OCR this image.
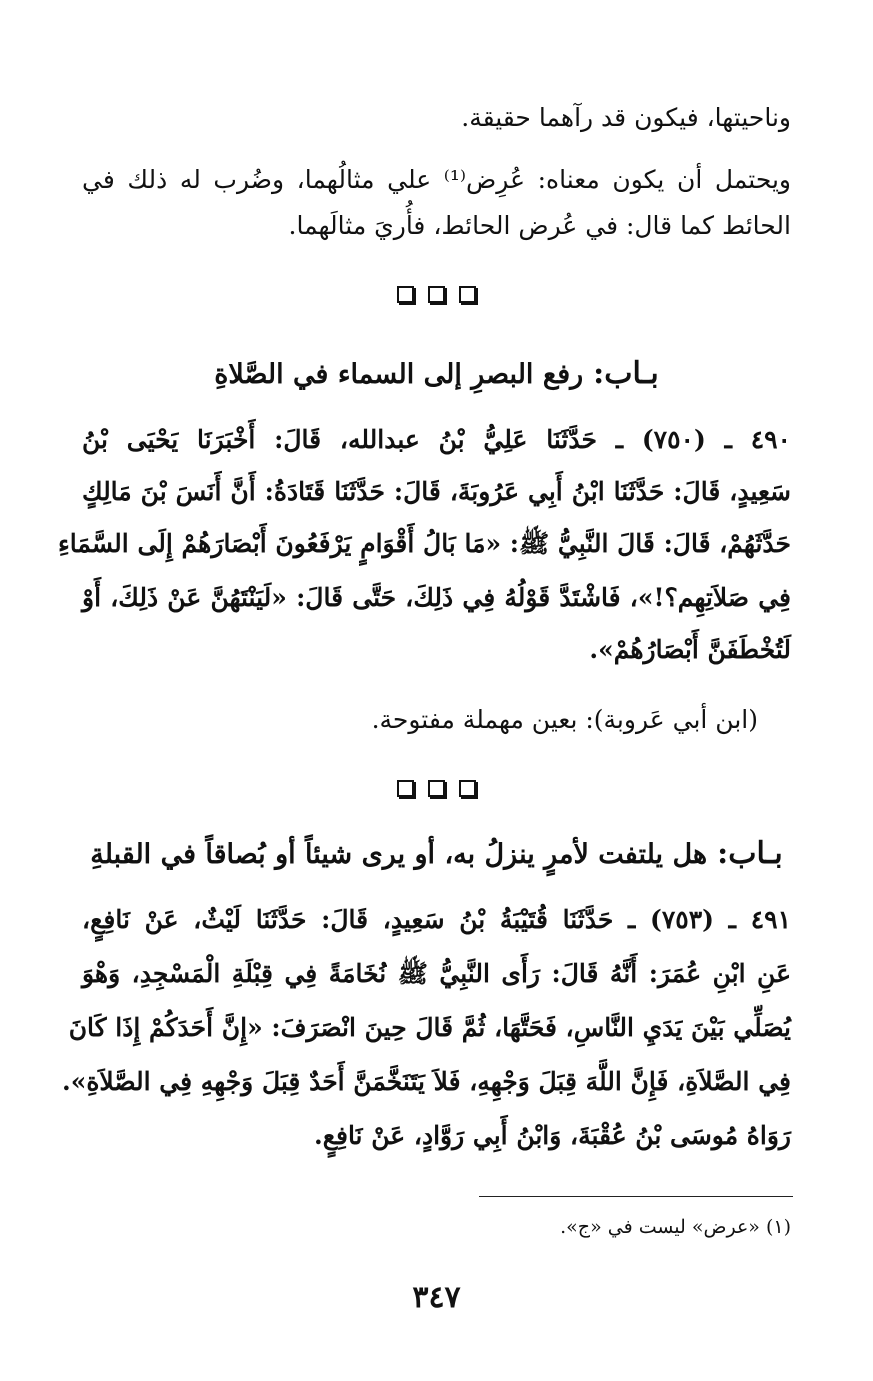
وناحيتها، فيكون قد رآهما حقيقة.
ويحتمل أن يكون معناه: عُرِض⁽¹⁾ علي مثالُهما، وضُرب له ذلك في
الحائط كما قال: في عُرض الحائط، فأُريَ مثالَهما.
بـاب:رفع البصرِ إلى السماء في الصَّلاةِ
٤٩٠ ـ (٧٥٠) ـ حَدَّثَنَا عَلِيُّ بْنُ عبدالله، قَالَ: أَخْبَرَنَا يَحْيَى بْنُ
سَعِيدٍ، قَالَ: حَدَّثَنَا ابْنُ أَبِي عَرُوبَةَ، قَالَ: حَدَّثَنَا قَتَادَةُ: أَنَّ أَنَسَ بْنَ مَالِكٍ
حَدَّثَهُمْ، قَالَ: قَالَ النَّبِيُّ ﷺ: «مَا بَالُ أَقْوَامٍ يَرْفَعُونَ أَبْصَارَهُمْ إِلَى السَّمَاءِ
فِي صَلاَتِهِم؟!»، فَاشْتَدَّ قَوْلُهُ فِي ذَلِكَ، حَتَّى قَالَ: «لَيَنْتَهُنَّ عَنْ ذَلِكَ، أَوْ
لَتُخْطَفَنَّ أَبْصَارُهُمْ».
(ابن أبي عَروبة): بعين مهملة مفتوحة.
بـاب:هل يلتفت لأمرٍ ينزلُ به، أو يرى شيئاً أو بُصاقاً في القبلةِ
٤٩١ ـ (٧٥٣) ـ حَدَّثَنَا قُتَيْبَةُ بْنُ سَعِيدٍ، قَالَ: حَدَّثَنَا لَيْثٌ، عَنْ نَافِعٍ،
عَنِ ابْنِ عُمَرَ: أَنَّهُ قَالَ: رَأَى النَّبِيُّ ﷺ نُخَامَةً فِي قِبْلَةِ الْمَسْجِدِ، وَهْوَ
يُصَلِّي بَيْنَ يَدَيِ النَّاسِ، فَحَتَّهَا، ثُمَّ قَالَ حِينَ انْصَرَفَ: «إِنَّ أَحَدَكُمْ إِذَا كَانَ
فِي الصَّلاَةِ، فَإِنَّ اللَّهَ قِبَلَ وَجْهِهِ، فَلاَ يَتَنَخَّمَنَّ أَحَدٌ قِبَلَ وَجْهِهِ فِي الصَّلاَةِ».
رَوَاهُ مُوسَى بْنُ عُقْبَةَ، وَابْنُ أَبِي رَوَّادٍ، عَنْ نَافِعٍ.
(١) «عرض» ليست في «ج».
٣٤٧
